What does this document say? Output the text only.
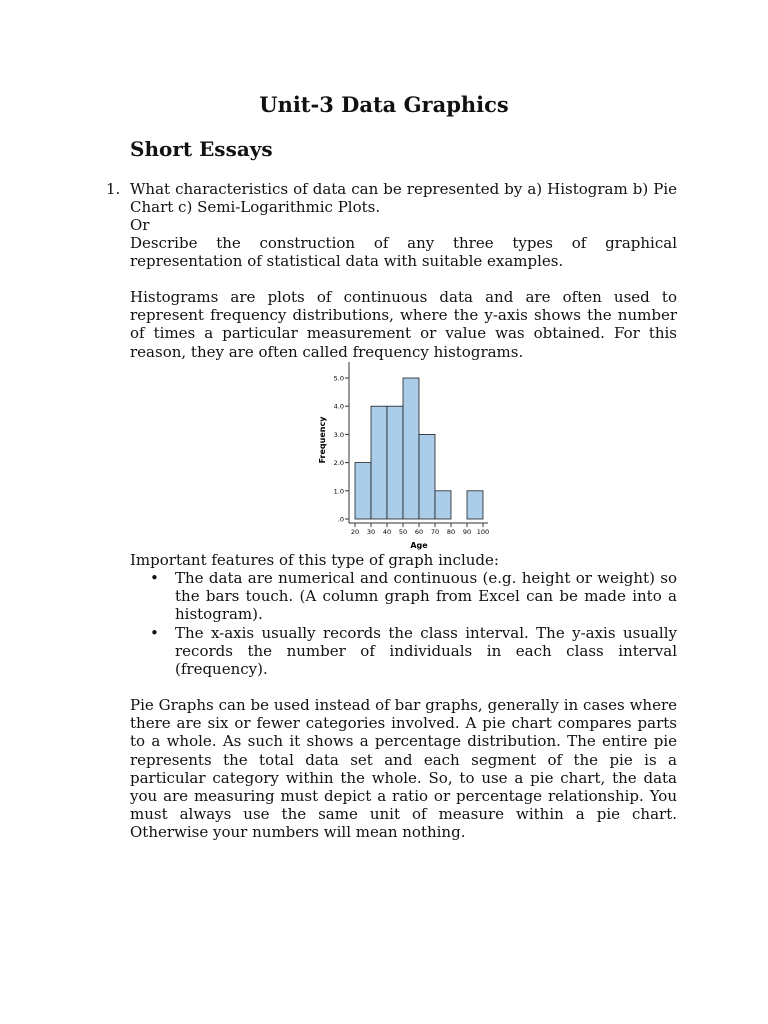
Unit-3 Data Graphics
Short Essays
1. What characteristics of data can be represented by a) Histogram b) Pie Chart c) Semi-Logarithmic Plots.

Or

Describe the construction of any three types of graphical representation of statistical data with suitable examples.

Histograms are plots of continuous data and are often used to represent frequency distributions, where the y-axis shows the number of times a particular measurement or value was obtained. For this reason, they are often called frequency histograms.

Frequency
Age
.0
1.0
2.0
3.0
4.0
5.0
20 30 40 50 60 70 80 90 100

Important features of this type of graph include:

• The data are numerical and continuous (e.g. height or weight) so the bars touch. (A column graph from Excel can be made into a histogram).
• The x-axis usually records the class interval. The y-axis usually records the number of individuals in each class interval (frequency).

Pie Graphs can be used instead of bar graphs, generally in cases where there are six or fewer categories involved. A pie chart compares parts to a whole. As such it shows a percentage distribution. The entire pie represents the total data set and each segment of the pie is a particular category within the whole. So, to use a pie chart, the data you are measuring must depict a ratio or percentage relationship. You must always use the same unit of measure within a pie chart. Otherwise your numbers will mean nothing.
